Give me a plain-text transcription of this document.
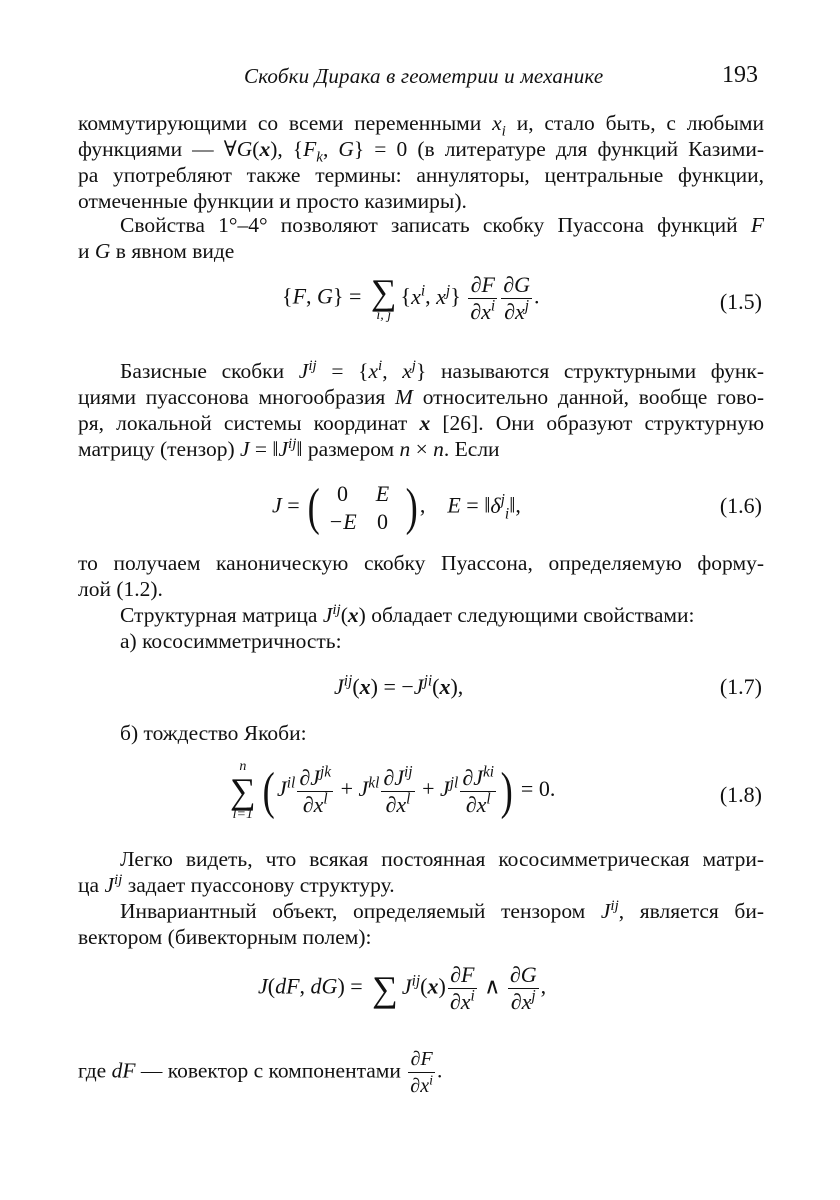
Скобки Дирака в геометрии и механике	193
коммутирующими со всеми переменными $x_i$ и, стало быть, с любыми
функциями — ∀G(x), {$F_k$, G} = 0 (в литературе для функций Казими-
ра употребляют также термины: аннуляторы, центральные функции,
отмеченные функции и просто казимиры).
Свойства 1°–4° позволяют записать скобку Пуассона функций F
и G в явном виде
{F, G} = ∑
i, j
{$x^i$, $x^j\} \frac{\partial F}{\partial x^i} \frac{\partial G}{\partial x^j}$ .	(1.5)
Базисные скобки $J^{ij} = \{x^i$, $x^j$} называются структурными функ-
циями пуассонова многообразия M относительно данной, вообще гово-
ря, локальной системы координат x [26]. Они образуют структурную
матрицу (тензор) $J = ‖J^{ij}‖$ размером n × n. Если
J = ( 0	E
−E 0 ) ,    $E = ‖\delta^j_i‖$,	(1.6)
то получаем каноническую скобку Пуассона, определяемую форму-
лой (1.2).
Структурная матрица $J^{ij}(x)$ обладает следующими свойствами:
а) кососимметричность:
$J^{ij}(x) = -J^{ji}(x)$,	(1.7)
б) тождество Якоби:
n
∑
l=1 ( $J^{il} \frac{\partial J^{jk}}{\partial x^l} + J^{kl} \frac{\partial J^{ij}}{\partial x^l} + J^{jl} \frac{\partial J^{ki}}{\partial x^l}$ ) = 0.	(1.8)
Легко видеть, что всякая постоянная кососимметрическая матри-
ца $J^{ij}$ задает пуассонову структуру.
Инвариантный объект, определяемый тензором $J^{ij}$, является би-
вектором (бивекторным полем):
J(dF, dG) = ∑ $J^{ij}(x) \frac{\partial F}{\partial x^i}$ ∧ $\frac{\partial G}{\partial x^j}$ ,
где dF — ковектор с компонентами $\frac{\partial F}{\partial x^i}$ .
